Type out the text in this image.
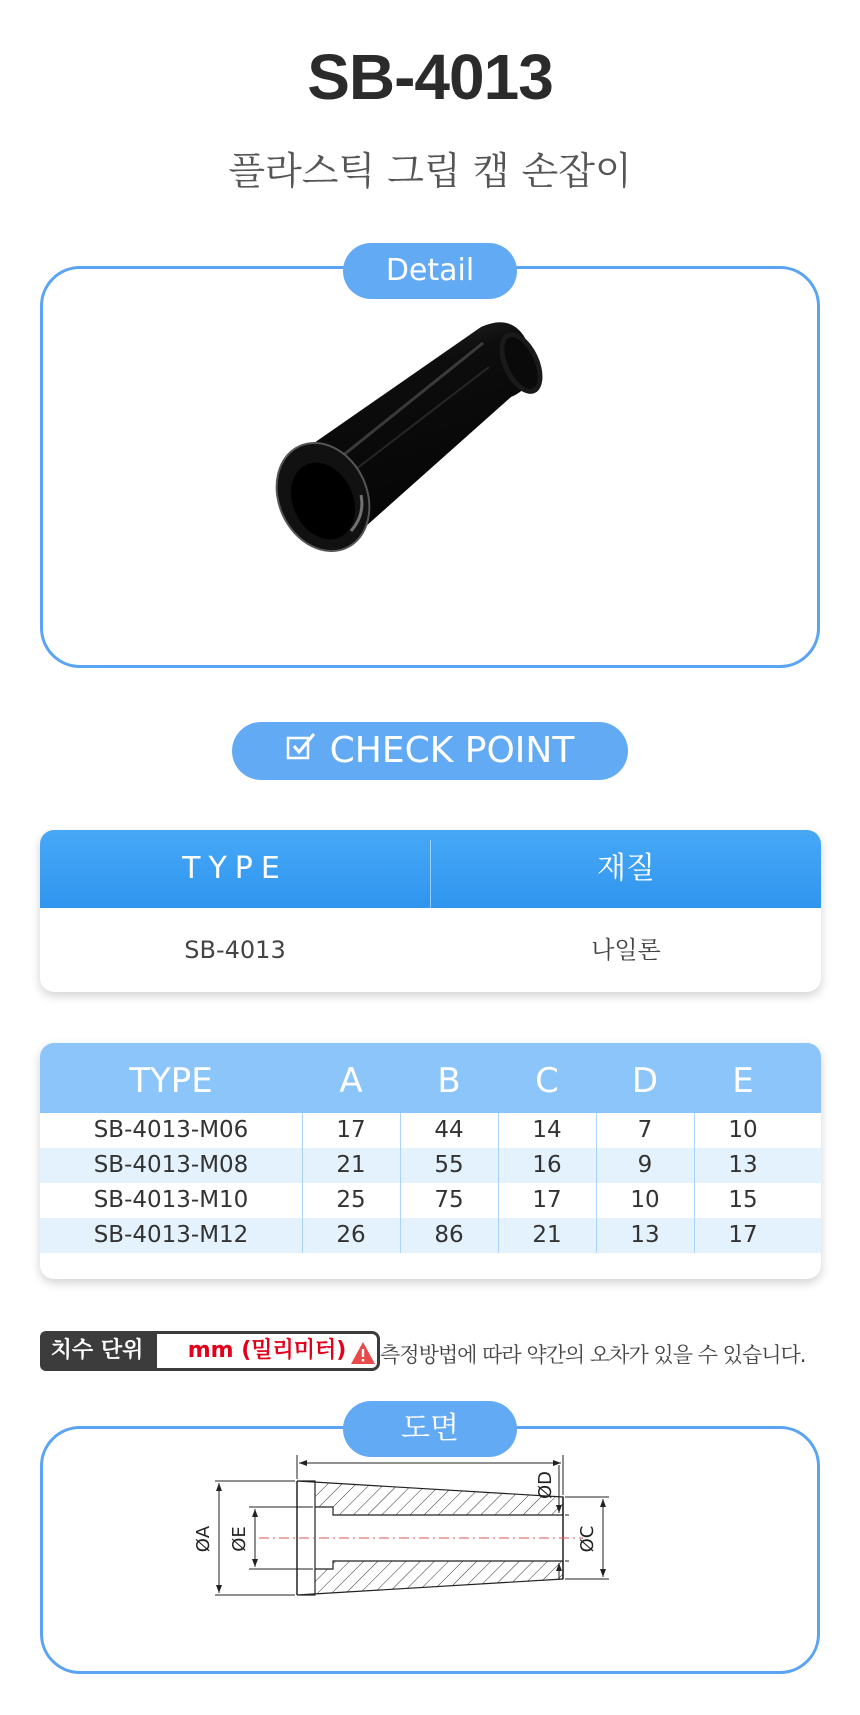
SB-4013
플라스틱 그립 캡 손잡이
Detail
CHECK POINT
TYPE	재질
SB-4013	나일론
TYPE	A	B	C	D	E
SB-4013-M06	17	44	14	7	10
SB-4013-M08	21	55	16	9	13
SB-4013-M10	25	75	17	10	15
SB-4013-M12	26	86	21	13	17
치수 단위	mm (밀리미터)	측정방법에 따라 약간의 오차가 있을 수 있습니다.
ØA ØE	ØC
ØD
도면
